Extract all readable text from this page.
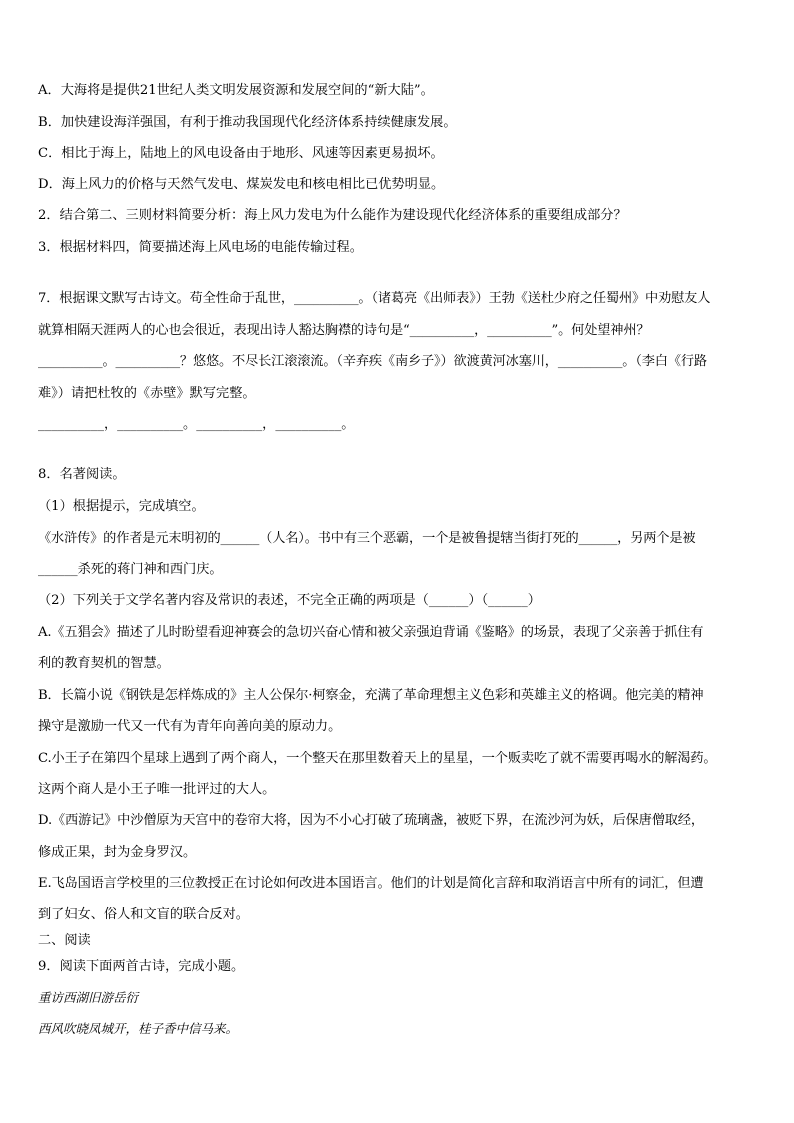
A．大海将是提供21世纪人类文明发展资源和发展空间的“新大陆”。
B．加快建设海洋强国，有利于推动我国现代化经济体系持续健康发展。
C．相比于海上，陆地上的风电设备由于地形、风速等因素更易损坏。
D．海上风力的价格与天然气发电、煤炭发电和核电相比已优势明显。
2．结合第二、三则材料简要分析：海上风力发电为什么能作为建设现代化经济体系的重要组成部分？
3．根据材料四，简要描述海上风电场的电能传输过程。
7．根据课文默写古诗文。苟全性命于乱世，__________。（诸葛亮《出师表》）王勃《送杜少府之任蜀州》中劝慰友人
就算相隔天涯两人的心也会很近，表现出诗人豁达胸襟的诗句是“__________，__________”。何处望神州？
__________。__________？悠悠。不尽长江滚滚流。（辛弃疾《南乡子》）欲渡黄河冰塞川，__________。（李白《行路
难》）请把杜牧的《赤壁》默写完整。
__________，__________。__________，__________。
8．名著阅读。
（1）根据提示，完成填空。
《水浒传》的作者是元末明初的______（人名）。书中有三个恶霸，一个是被鲁提辖当街打死的______，另两个是被
______杀死的蒋门神和西门庆。
（2）下列关于文学名著内容及常识的表述，不完全正确的两项是（______）（______）
A.《五猖会》描述了儿时盼望看迎神赛会的急切兴奋心情和被父亲强迫背诵《鉴略》的场景，表现了父亲善于抓住有
利的教育契机的智慧。
B．长篇小说《钢铁是怎样炼成的》主人公保尔·柯察金，充满了革命理想主义色彩和英雄主义的格调。他完美的精神
操守是激励一代又一代有为青年向善向美的原动力。
C.小王子在第四个星球上遇到了两个商人，一个整天在那里数着天上的星星，一个贩卖吃了就不需要再喝水的解渴药。
这两个商人是小王子唯一批评过的大人。
D.《西游记》中沙僧原为天宫中的卷帘大将，因为不小心打破了琉璃盏，被贬下界，在流沙河为妖，后保唐僧取经，
修成正果，封为金身罗汉。
E.飞岛国语言学校里的三位教授正在讨论如何改进本国语言。他们的计划是简化言辞和取消语言中所有的词汇，但遭
到了妇女、俗人和文盲的联合反对。
二、阅读
9．阅读下面两首古诗，完成小题。
重访西湖旧游岳衍
西风吹晓凤城开，桂子香中信马来。
